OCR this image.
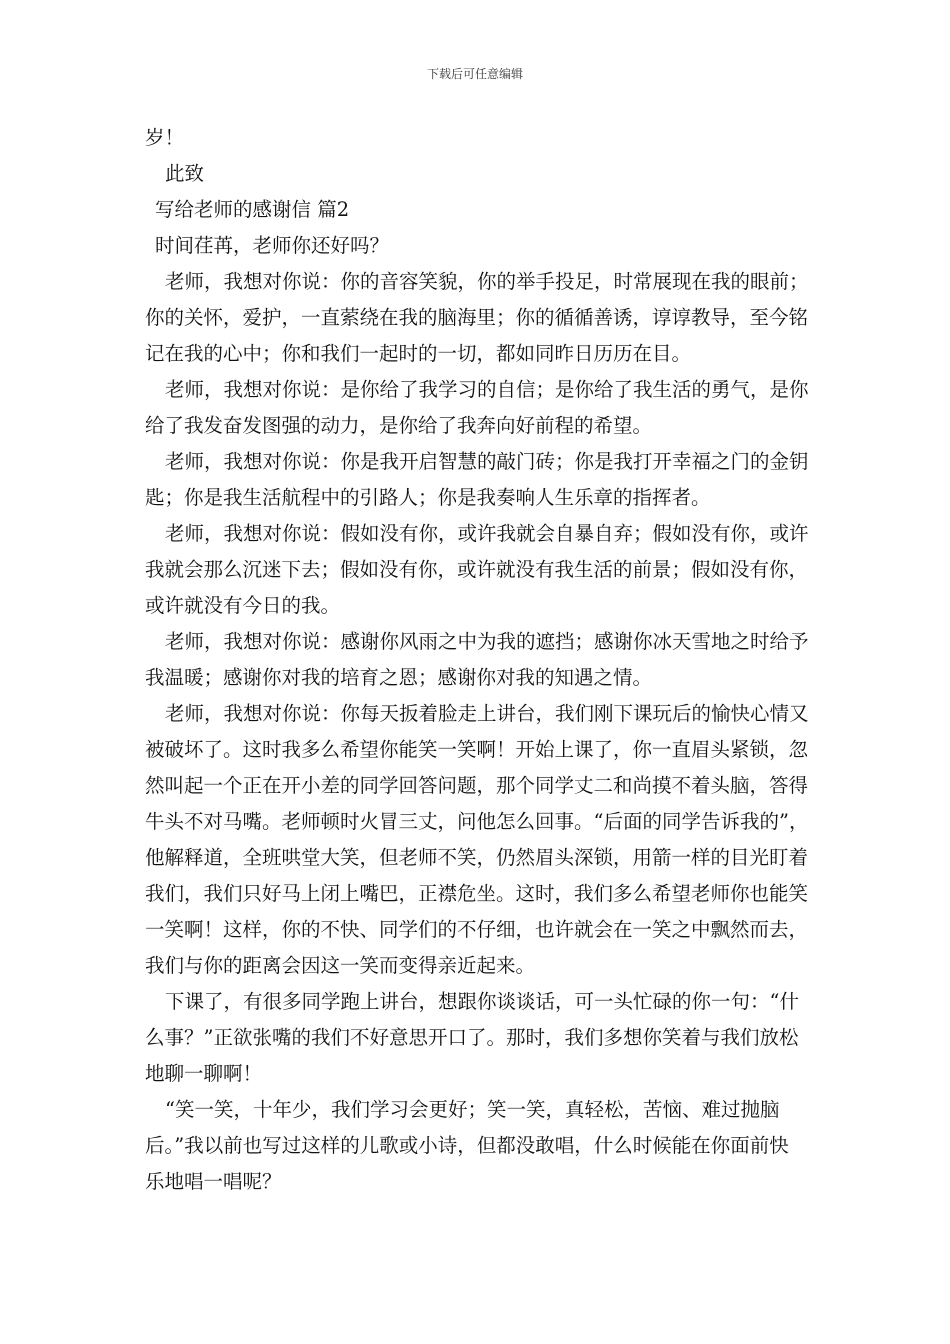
下载后可任意编辑
岁！
此致
写给老师的感谢信 篇2
时间荏苒，老师你还好吗？
老师，我想对你说：你的音容笑貌，你的举手投足，时常展现在我的眼前；
你的关怀，爱护，一直萦绕在我的脑海里；你的循循善诱，谆谆教导，至今铭
记在我的心中；你和我们一起时的一切，都如同昨日历历在目。
老师，我想对你说：是你给了我学习的自信；是你给了我生活的勇气，是你
给了我发奋发图强的动力，是你给了我奔向好前程的希望。
老师，我想对你说：你是我开启智慧的敲门砖；你是我打开幸福之门的金钥
匙；你是我生活航程中的引路人；你是我奏响人生乐章的指挥者。
老师，我想对你说：假如没有你，或许我就会自暴自弃；假如没有你，或许
我就会那么沉迷下去；假如没有你，或许就没有我生活的前景；假如没有你，
或许就没有今日的我。
老师，我想对你说：感谢你风雨之中为我的遮挡；感谢你冰天雪地之时给予
我温暖；感谢你对我的培育之恩；感谢你对我的知遇之情。
老师，我想对你说：你每天扳着脸走上讲台，我们刚下课玩后的愉快心情又
被破坏了。这时我多么希望你能笑一笑啊！开始上课了，你一直眉头紧锁，忽
然叫起一个正在开小差的同学回答问题，那个同学丈二和尚摸不着头脑，答得
牛头不对马嘴。老师顿时火冒三丈，问他怎么回事。“后面的同学告诉我的”，
他解释道，全班哄堂大笑，但老师不笑，仍然眉头深锁，用箭一样的目光盯着
我们，我们只好马上闭上嘴巴，正襟危坐。这时，我们多么希望老师你也能笑
一笑啊！这样，你的不快、同学们的不仔细，也许就会在一笑之中飘然而去，
我们与你的距离会因这一笑而变得亲近起来。
下课了，有很多同学跑上讲台，想跟你谈谈话，可一头忙碌的你一句：“什
么事？”正欲张嘴的我们不好意思开口了。那时，我们多想你笑着与我们放松
地聊一聊啊！
“笑一笑，十年少，我们学习会更好；笑一笑，真轻松，苦恼、难过抛脑
后。”我以前也写过这样的儿歌或小诗，但都没敢唱，什么时候能在你面前快
乐地唱一唱呢？
